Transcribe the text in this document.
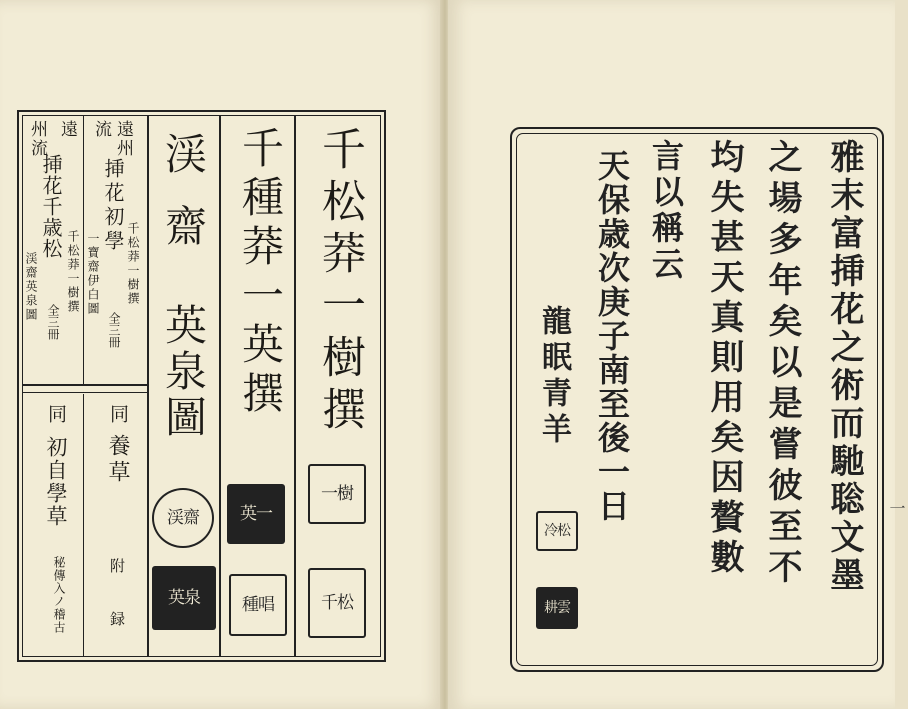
千松莽一樹撰
千種莽一英撰
渓
齋 英泉圖
遠州
流
挿花初學
千松莽一樹撰
一寶齋伊白圖
全三冊
遠
州流
挿花千歳松
千松莽一樹撰
渓齋英泉圖 全三冊
同
養草
附 録
同
初自學草
秘傳入ノ稽古
一樹
千松
英一
種唱
渓齋
英泉
雅末富挿花之術而馳聡文墨
之場多年矣以是嘗彼至不
均失甚天真則用矣因贅數
言以稱云
天保歳次庚子南至後一日
龍眠青羊
冷松
耕雲
一
